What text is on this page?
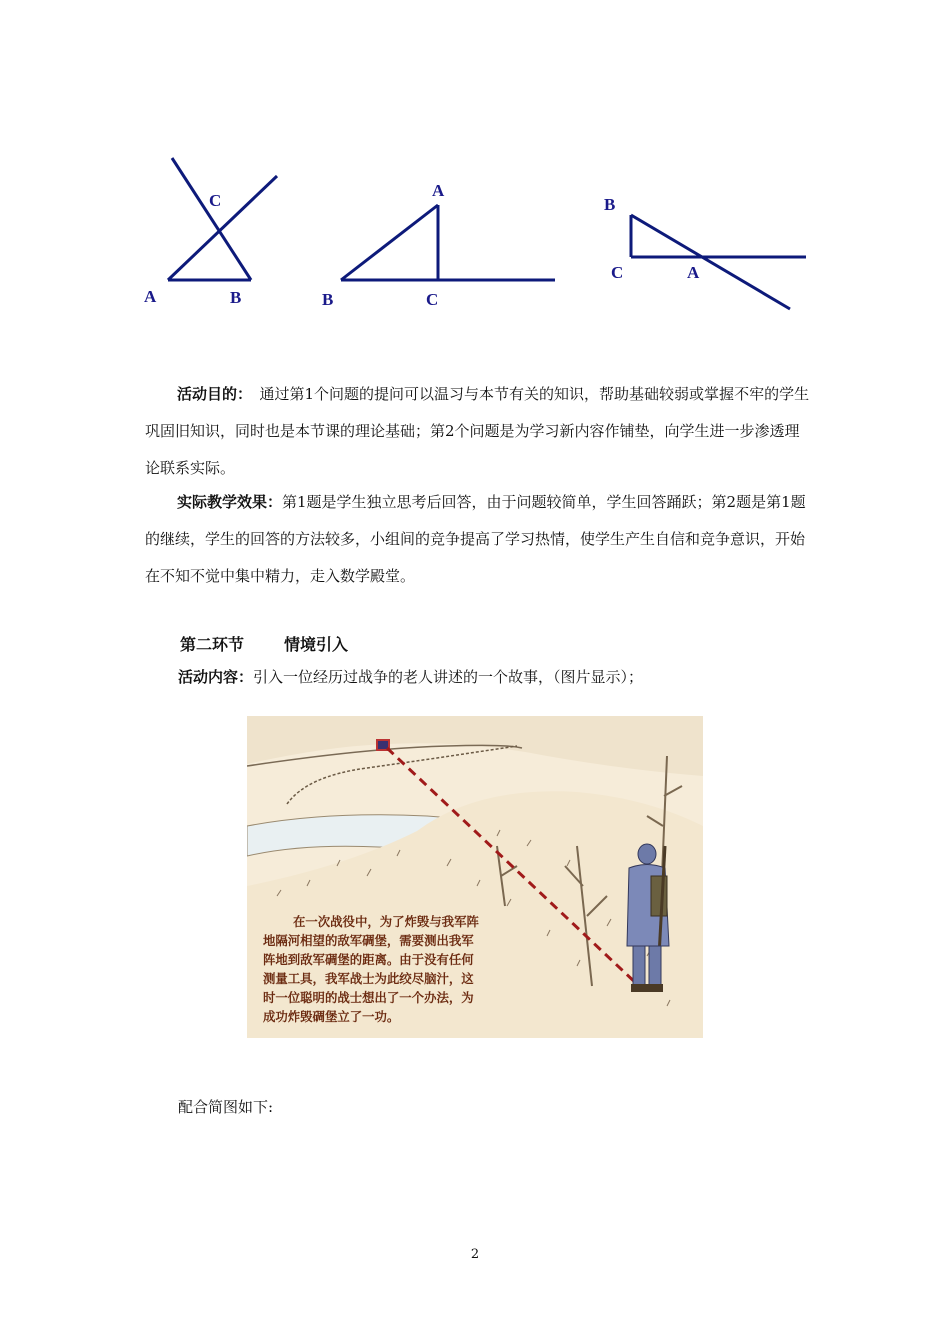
A	B
C
A
B	C
A
B
C
活动目的：　通过第1个问题的提问可以温习与本节有关的知识，帮助基础较弱或掌握不牢的学生巩固旧知识，同时也是本节课的理论基础；第2个问题是为学习新内容作铺垫，向学生进一步渗透理论联系实际。
实际教学效果：第1题是学生独立思考后回答，由于问题较简单，学生回答踊跃；第2题是第1题的继续，学生的回答的方法较多，小组间的竞争提高了学习热情，使学生产生自信和竞争意识，开始在不知不觉中集中精力，走入数学殿堂。
第二环节	情境引入
活动内容：引入一位经历过战争的老人讲述的一个故事，（图片显示）；
在一次战役中，为了炸毁与我军阵
地隔河相望的敌军碉堡，需要测出我军
阵地到敌军碉堡的距离。由于没有任何
测量工具，我军战士为此绞尽脑汁，这
时一位聪明的战士想出了一个办法，为
成功炸毁碉堡立了一功。
配合简图如下:
2
